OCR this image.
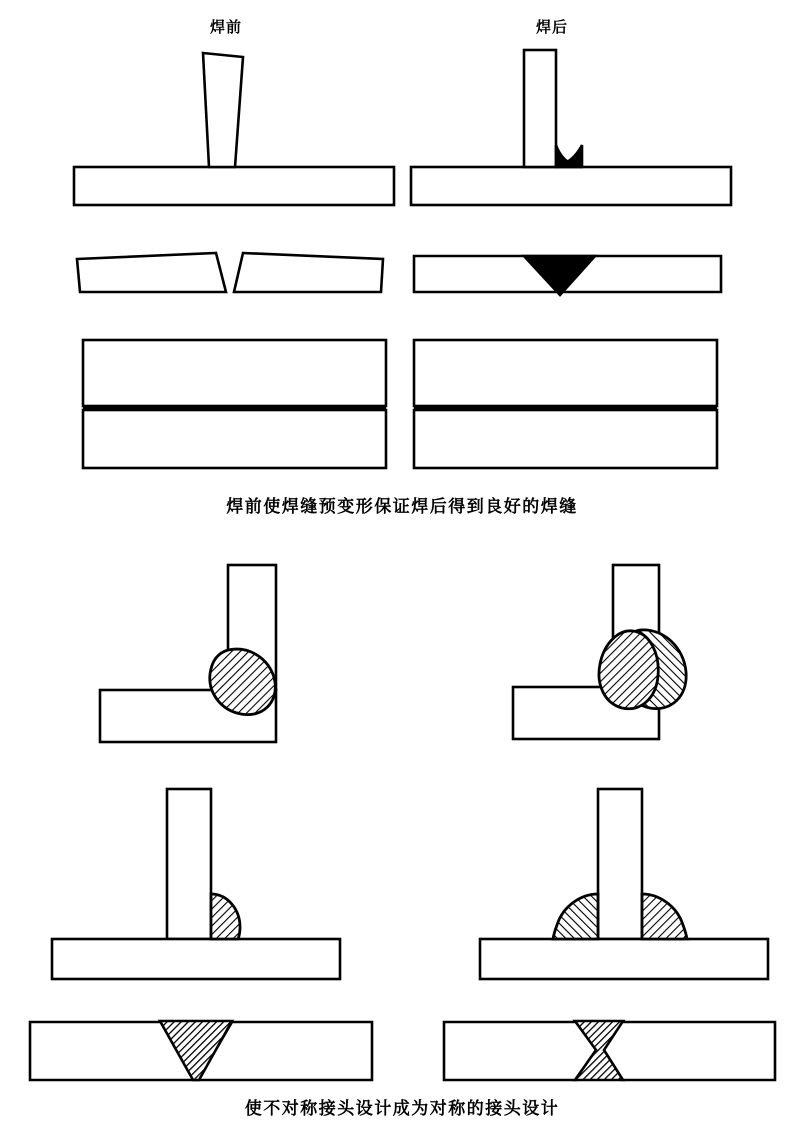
焊前	焊后
焊前使焊缝预变形保证焊后得到良好的焊缝
使不对称接头设计成为对称的接头设计
